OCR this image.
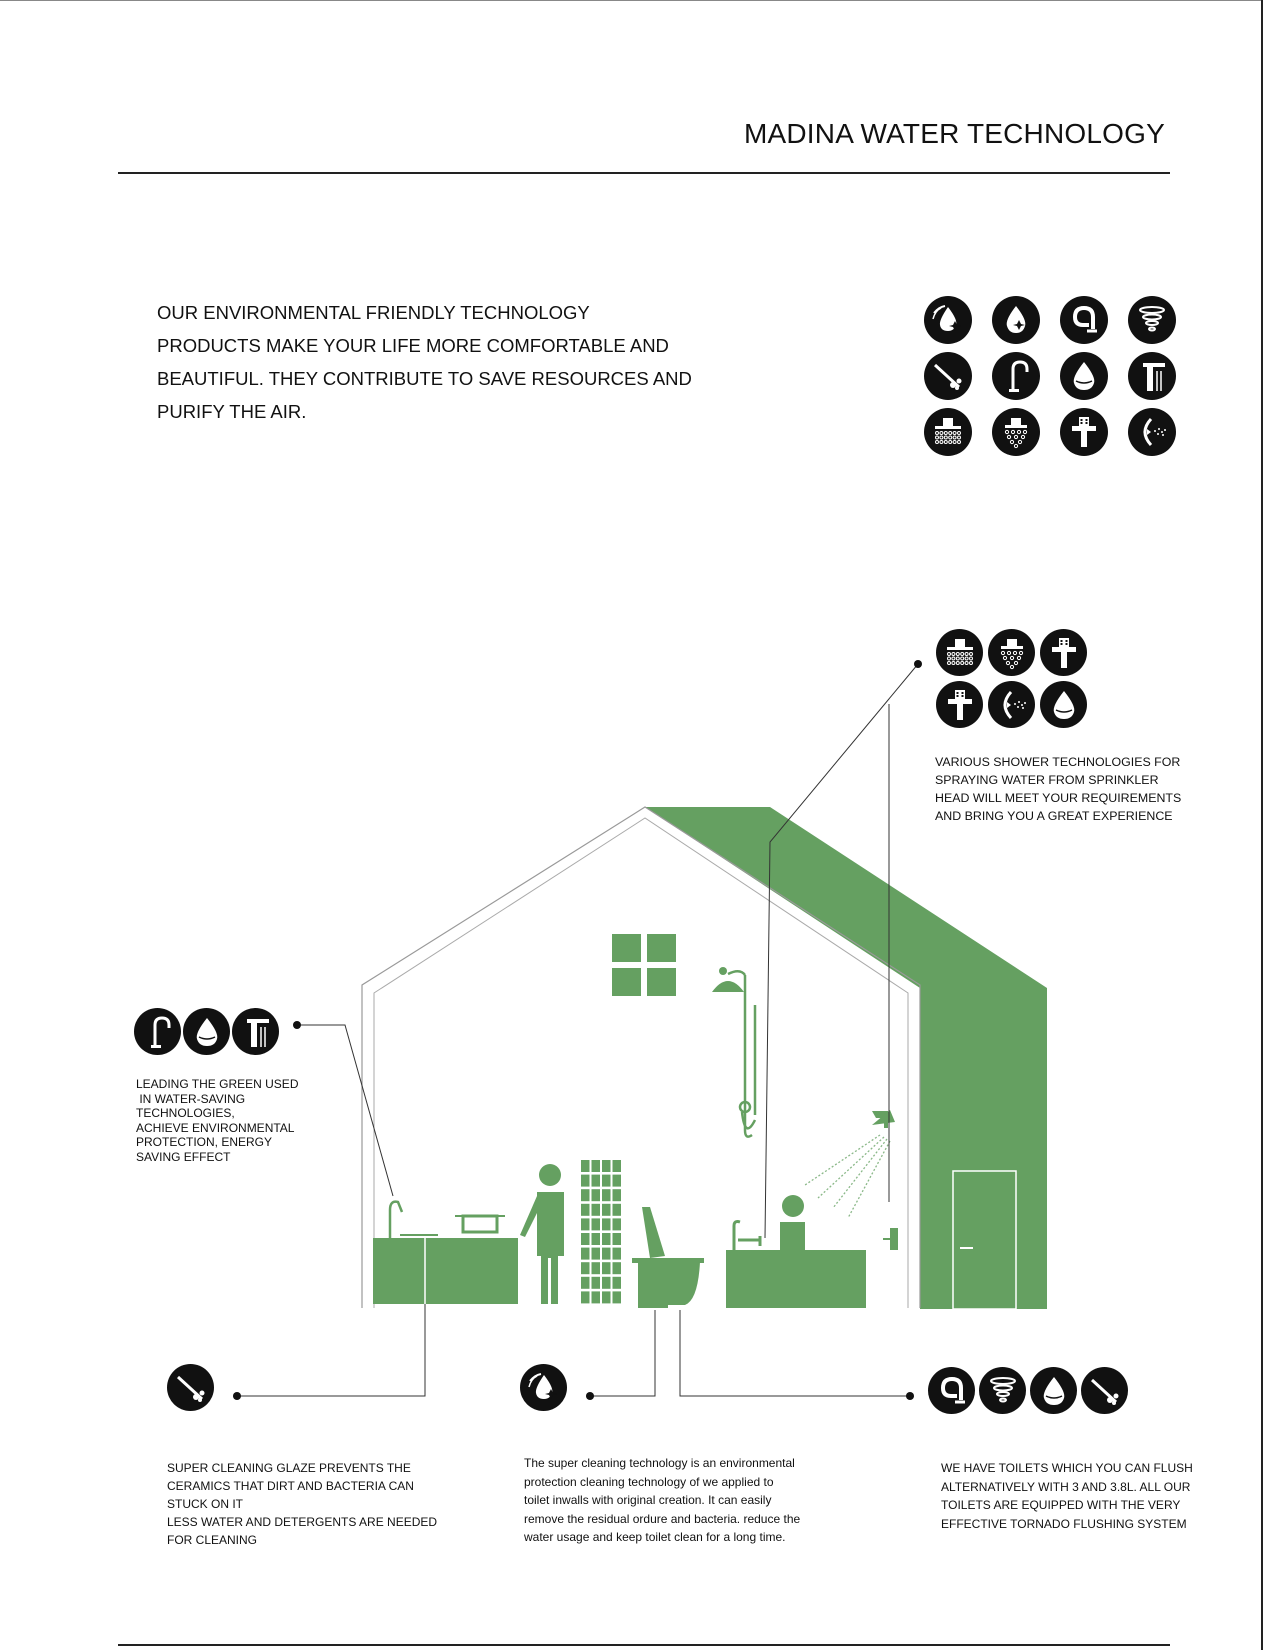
MADINA WATER TECHNOLOGY

OUR ENVIRONMENTAL FRIENDLY TECHNOLOGY PRODUCTS MAKE YOUR LIFE MORE COMFORTABLE AND BEAUTIFUL. THEY CONTRIBUTE TO SAVE RESOURCES AND PURIFY THE AIR.

VARIOUS SHOWER TECHNOLOGIES FOR SPRAYING WATER FROM SPRINKLER HEAD WILL MEET YOUR REQUIREMENTS AND BRING YOU A GREAT EXPERIENCE

LEADING THE GREEN USED
IN WATER-SAVING
TECHNOLOGIES,
ACHIEVE ENVIRONMENTAL
PROTECTION, ENERGY
SAVING EFFECT
SUPER CLEANING GLAZE PREVENTS THE
CERAMICS THAT DIRT AND BACTERIA CAN
STUCK ON IT
LESS WATER AND DETERGENTS ARE NEEDED
FOR CLEANING
The super cleaning technology is an environmental
protection cleaning technology of we applied to
toilet inwalls with original creation. It can easily
remove the residual ordure and bacteria. reduce the
water usage and keep toilet clean for a long time.
WE HAVE TOILETS WHICH YOU CAN FLUSH
ALTERNATIVELY WITH 3 AND 3.8L. ALL OUR
TOILETS ARE EQUIPPED WITH THE VERY
EFFECTIVE TORNADO FLUSHING SYSTEM
